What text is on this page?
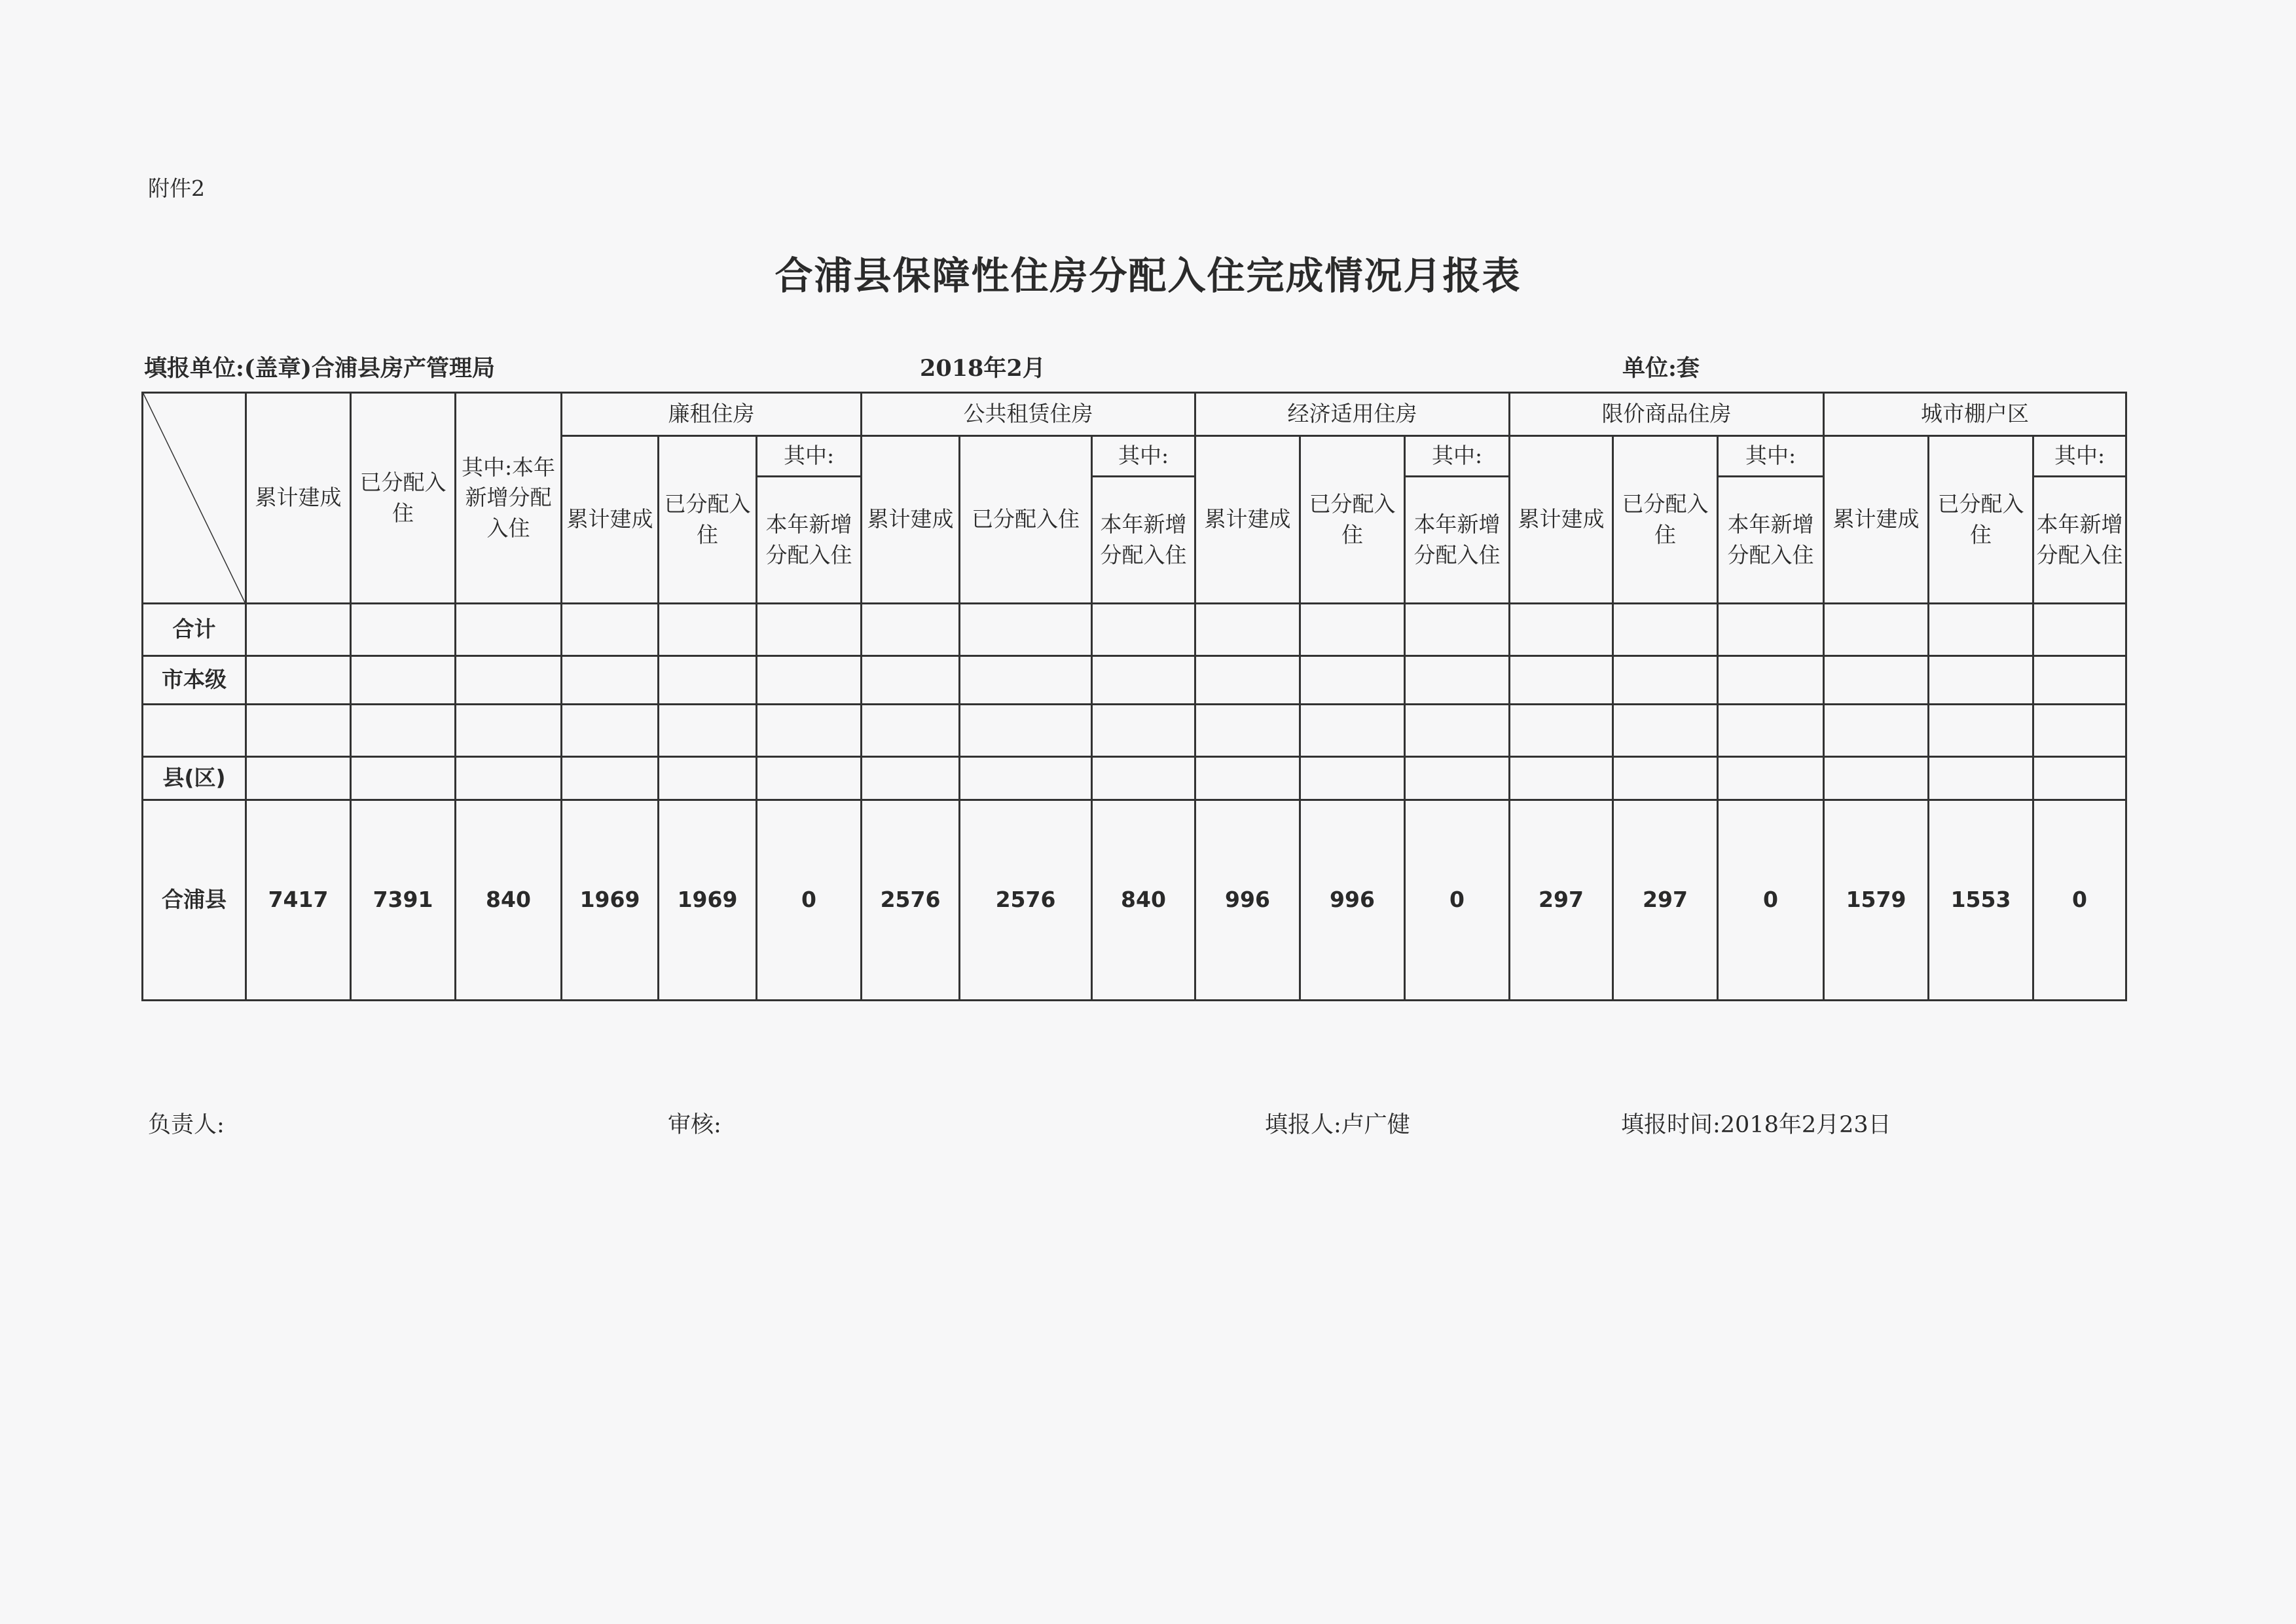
附件2
合浦县保障性住房分配入住完成情况月报表
填报单位:(盖章)合浦县房产管理局	2018年2月	单位:套
	累计建成	已分配入住	其中:本年新增分配入住	廉租住房			公共租赁住房			经济适用住房			限价商品住房			城市棚户区		
				累计建成	已分配入住	其中:	累计建成	已分配入住	其中:	累计建成	已分配入住	其中:	累计建成	已分配入住	其中:	累计建成	已分配入住	其中:
						本年新增分配入住			本年新增分配入住			本年新增分配入住			本年新增分配入住			本年新增分配入住
合计																		
市本级																		

县(区)																		
合浦县	7417	7391	840	1969	1969	0	2576	2576	840	996	996	0	297	297	0	1579	1553	0
负责人:	审核:	填报人:卢广健	填报时间:2018年2月23日
